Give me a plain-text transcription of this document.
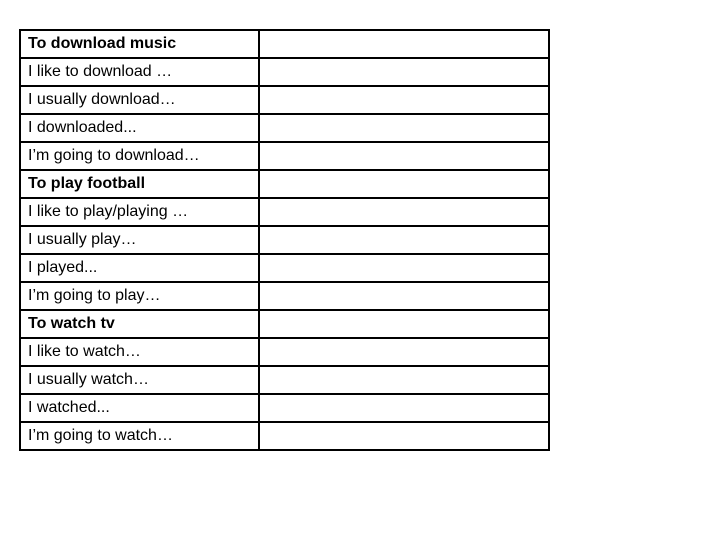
To download music	
I like to download …	
I usually download…	
I downloaded...	
I’m going to download…	
To play football	
I like to play/playing …	
I usually play…	
I played...	
I’m going to play…	
To watch tv	
I like to watch…	
I usually watch…	
I watched...	
I’m going to watch…	
